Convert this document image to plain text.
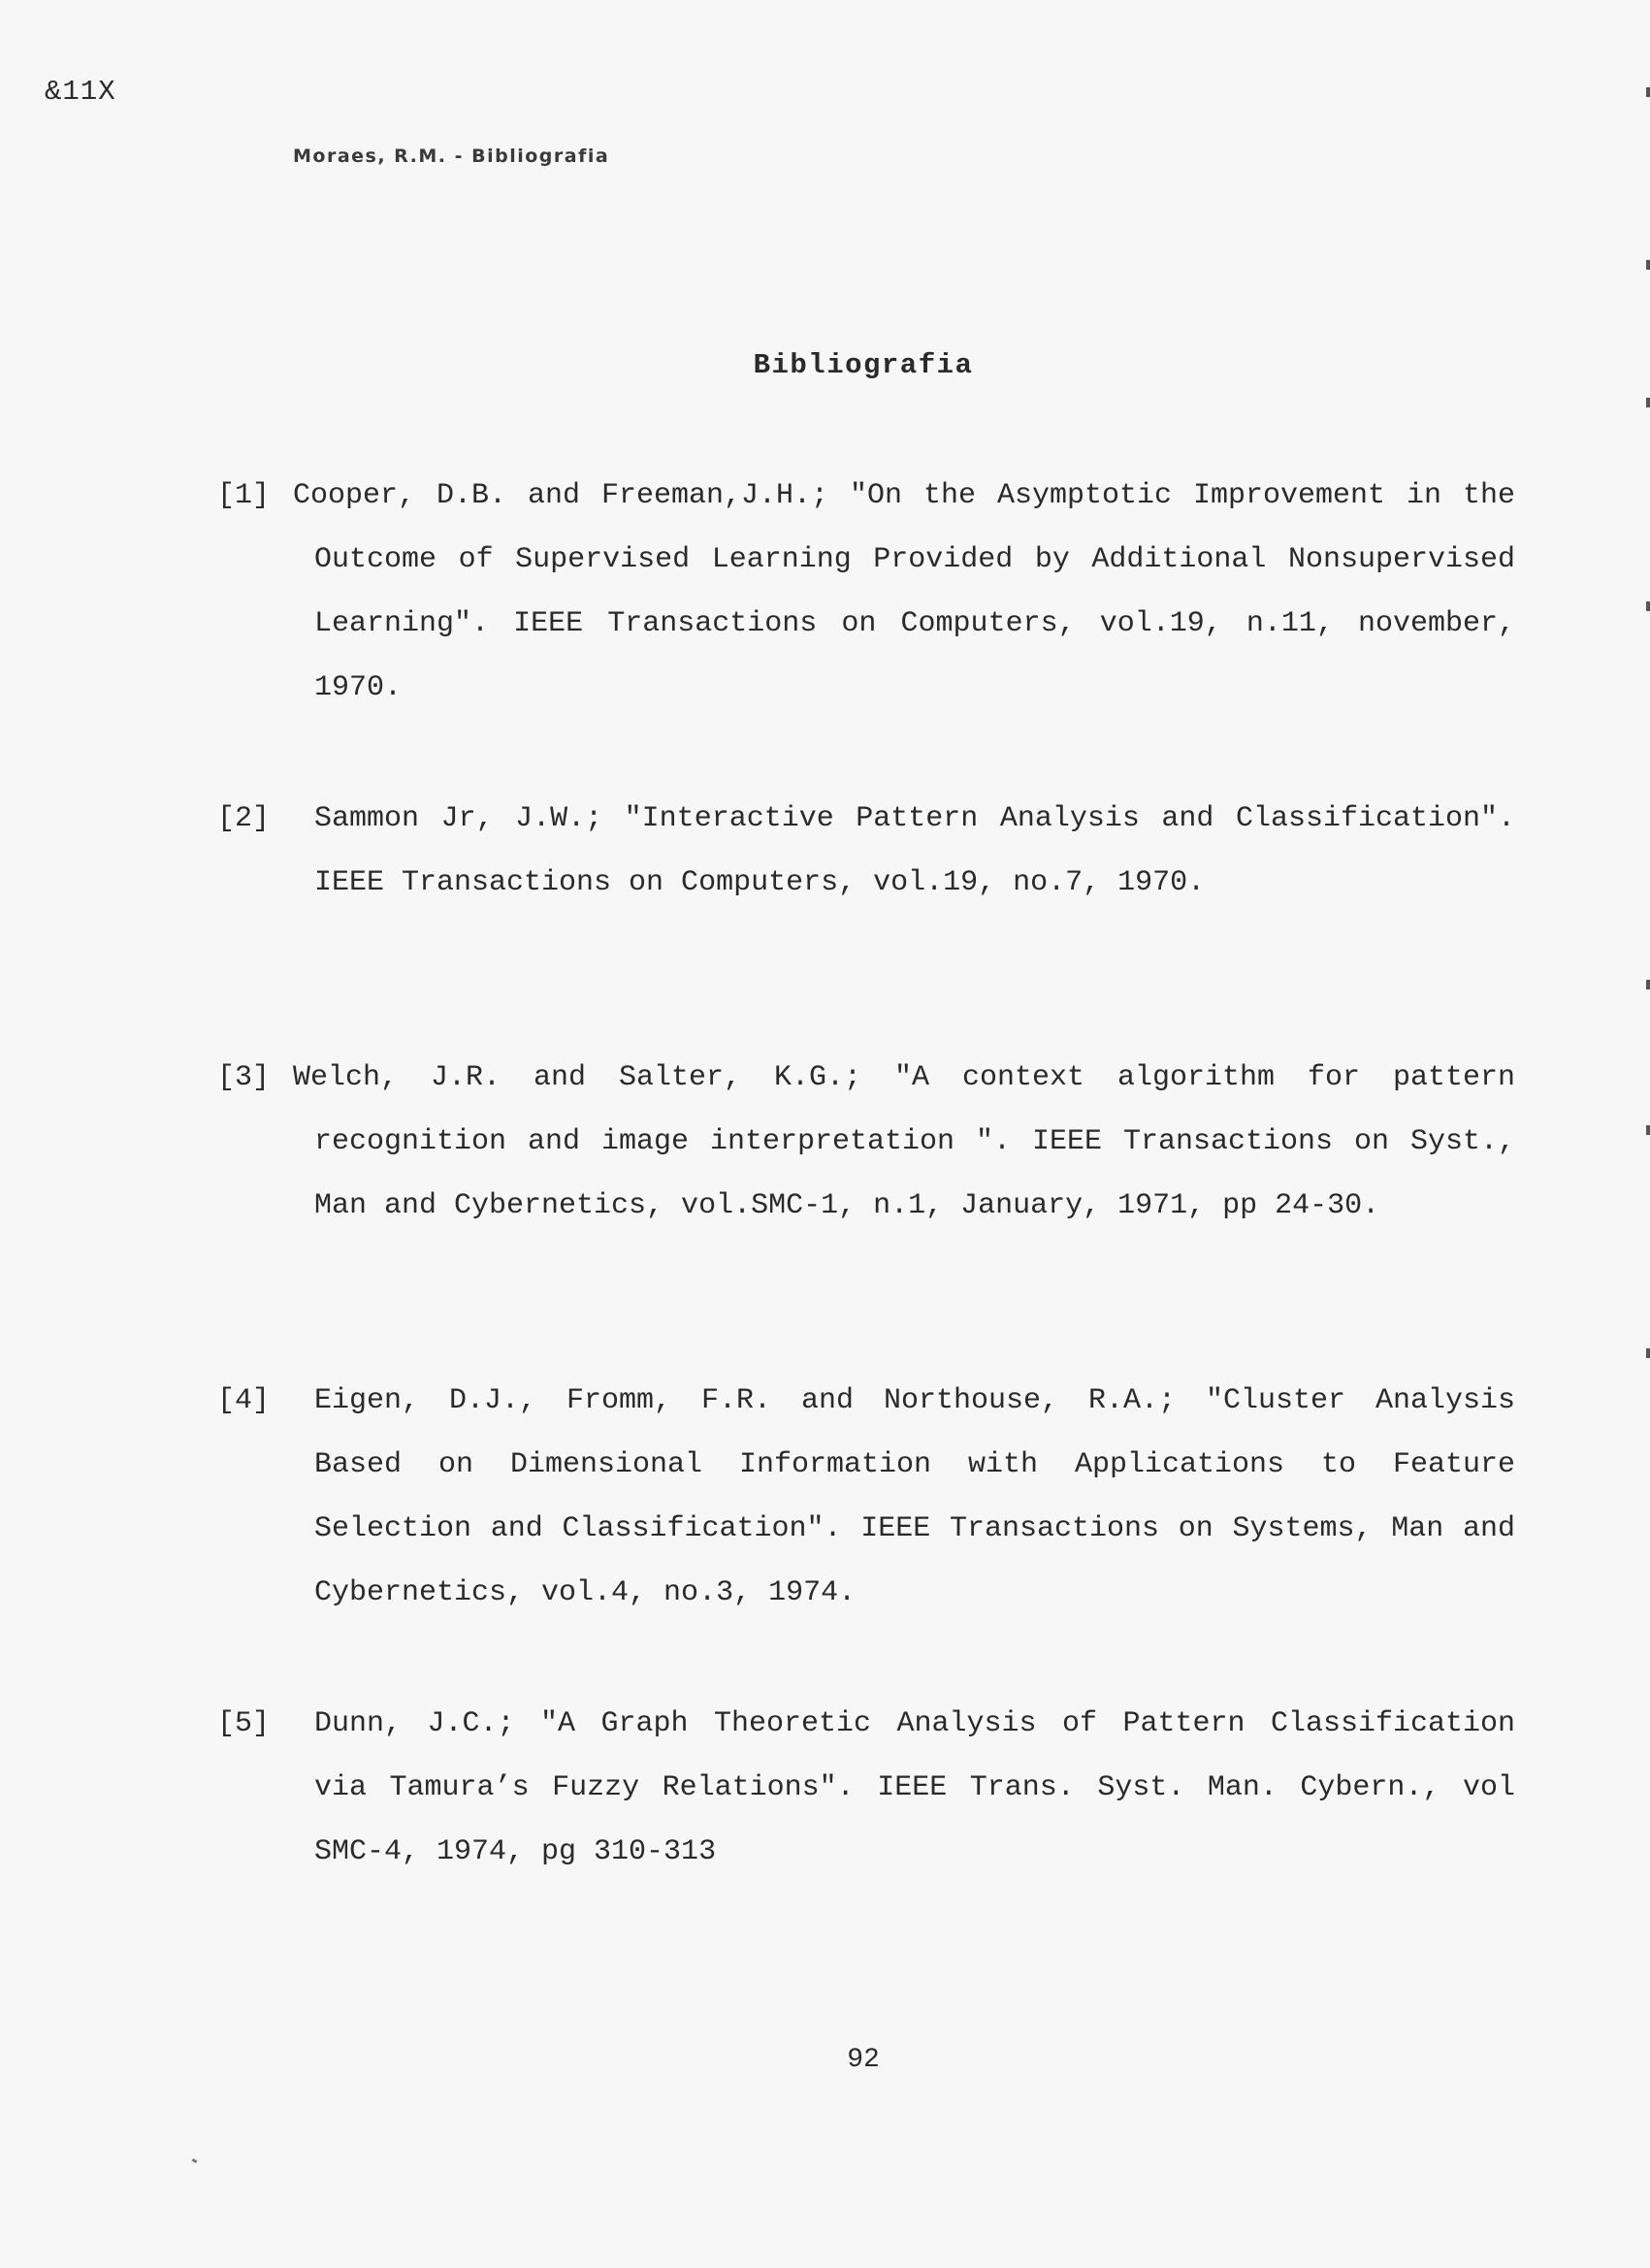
&11X
Moraes, R.M. - Bibliografia
Bibliografia
[1] Cooper, D.B. and Freeman,J.H.; "On the Asymptotic Improvement in the Outcome of Supervised Learning Provided by Additional Nonsupervised Learning". IEEE Transactions on Computers, vol.19, n.11, november, 1970.
[2] Sammon Jr, J.W.; "Interactive Pattern Analysis and Classification". IEEE Transactions on Computers, vol.19, no.7, 1970.
[3] Welch, J.R. and Salter, K.G.; "A context algorithm for pattern recognition and image interpretation ". IEEE Transactions on Syst., Man and Cybernetics, vol.SMC-1, n.1, January, 1971, pp 24-30.
[4] Eigen, D.J., Fromm, F.R. and Northouse, R.A.; "Cluster Analysis Based on Dimensional Information with Applications to Feature Selection and Classification". IEEE Transactions on Systems, Man and Cybernetics, vol.4, no.3, 1974.
[5] Dunn, J.C.; "A Graph Theoretic Analysis of Pattern Classification via Tamura’s Fuzzy Relations". IEEE Trans. Syst. Man. Cybern., vol SMC-4, 1974, pg 310-313
92
